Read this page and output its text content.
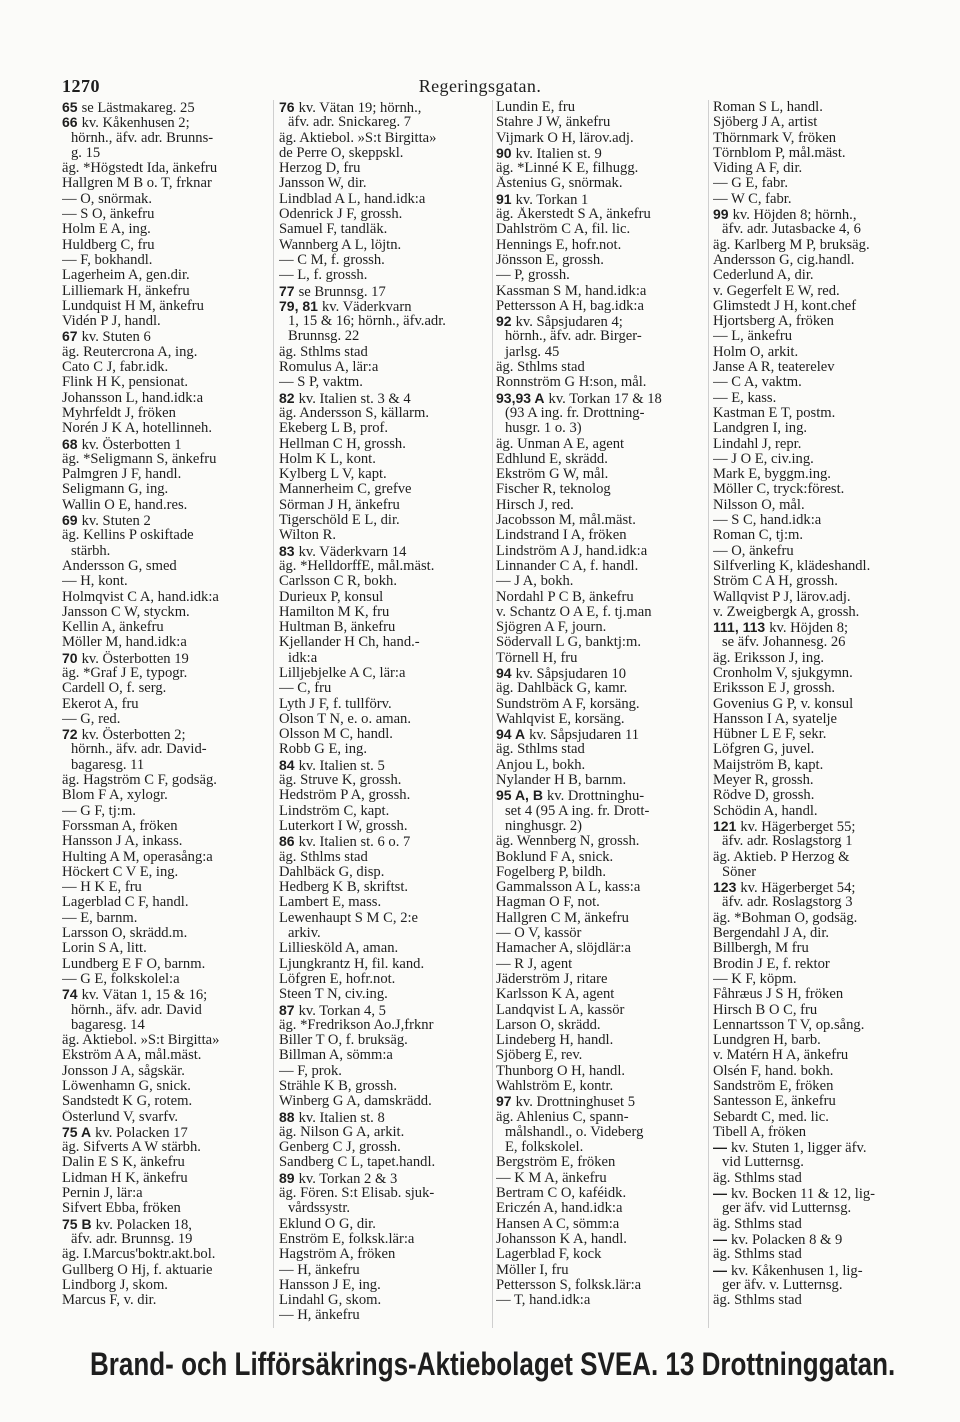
1270	Regeringsgatan.
65 se Lästmakareg. 25
66 kv. Kåkenhusen 2;
hörnh., äfv. adr. Brunns-
g. 15
äg. *Högstedt Ida, änkefru
Hallgren M B o. T, frknar
— O, snörmak.
— S O, änkefru
Holm E A, ing.
Huldberg C, fru
— F, bokhandl.
Lagerheim A, gen.dir.
Lilliemark H, änkefru
Lundquist H M, änkefru
Vidén P J, handl.
67 kv. Stuten 6
äg. Reutercrona A, ing.
Cato C J, fabr.idk.
Flink H K, pensionat.
Johansson L, hand.idk:a
Myhrfeldt J, fröken
Norén J K A, hotellinneh.
68 kv. Österbotten 1
äg. *Seligmann S, änkefru
Palmgren J F, handl.
Seligmann G, ing.
Wallin O E, hand.res.
69 kv. Stuten 2
äg. Kellins P oskiftade
stärbh.
Andersson G, smed
— H, kont.
Holmqvist C A, hand.idk:a
Jansson C W, styckm.
Kellin A, änkefru
Möller M, hand.idk:a
70 kv. Österbotten 19
äg. *Graf J E, typogr.
Cardell O, f. serg.
Ekerot A, fru
— G, red.
72 kv. Österbotten 2;
hörnh., äfv. adr. David-
bagaresg. 11
äg. Hagström C F, godsäg.
Blom F A, xylogr.
— G F, tj:m.
Forssman A, fröken
Hansson J A, inkass.
Hulting A M, operasång:a
Höckert C V E, ing.
— H K E, fru
Lagerblad C F, handl.
— E, barnm.
Larsson O, skrädd.m.
Lorin S A, litt.
Lundberg E F O, barnm.
— G E, folkskolel:a
74 kv. Vätan 1, 15 & 16;
hörnh., äfv. adr. David
bagaresg. 14
äg. Aktiebol. »S:t Birgitta»
Ekström A A, mål.mäst.
Jonsson J A, sågskär.
Löwenhamn G, snick.
Sandstedt K G, rotem.
Österlund V, svarfv.
75 A kv. Polacken 17
äg. Sifverts A W stärbh.
Dalin E S K, änkefru
Lidman H K, änkefru
Pernin J, lär:a
Sifvert Ebba, fröken
75 B kv. Polacken 18,
äfv. adr. Brunnsg. 19
äg. I.Marcus'boktr.akt.bol.
Gullberg O Hj, f. aktuarie
Lindborg J, skom.
Marcus F, v. dir.
76 kv. Vätan 19; hörnh.,
äfv. adr. Snickareg. 7
äg. Aktiebol. »S:t Birgitta»
de Perre O, skeppskl.
Herzog D, fru
Jansson W, dir.
Lindblad A L, hand.idk:a
Odenrick J F, grossh.
Samuel F, tandläk.
Wannberg A L, löjtn.
— C M, f. grossh.
— L, f. grossh.
77 se Brunnsg. 17
79, 81 kv. Väderkvarn
1, 15 & 16; hörnh., äfv.adr.
Brunnsg. 22
äg. Sthlms stad
Romulus A, lär:a
— S P, vaktm.
82 kv. Italien st. 3 & 4
äg. Andersson S, källarm.
Ekeberg L B, prof.
Hellman C H, grossh.
Holm K L, kont.
Kylberg L V, kapt.
Mannerheim C, grefve
Sörman J H, änkefru
Tigerschöld E L, dir.
Wilton R.
83 kv. Väderkvarn 14
äg. *HelldorffE, mål.mäst.
Carlsson C R, bokh.
Durieux P, konsul
Hamilton M K, fru
Hultman B, änkefru
Kjellander H Ch, hand.-
idk:a
Lilljebjelke A C, lär:a
— C, fru
Lyth J F, f. tullförv.
Olson T N, e. o. aman.
Olsson M C, handl.
Robb G E, ing.
84 kv. Italien st. 5
äg. Struve K, grossh.
Hedström P A, grossh.
Lindström C, kapt.
Luterkort I W, grossh.
86 kv. Italien st. 6 o. 7
äg. Sthlms stad
Dahlbäck G, disp.
Hedberg K B, skriftst.
Lambert E, mass.
Lewenhaupt S M C, 2:e
arkiv.
Lilliesköld A, aman.
Ljungkrantz H, fil. kand.
Löfgren E, hofr.not.
Steen T N, civ.ing.
87 kv. Torkan 4, 5
äg. *Fredrikson Ao.J,frknr
Biller T O, f. bruksäg.
Billman A, sömm:a
— F, prok.
Strähle K B, grossh.
Winberg G A, damskrädd.
88 kv. Italien st. 8
äg. Nilson G A, arkit.
Genberg C J, grossh.
Sandberg C L, tapet.handl.
89 kv. Torkan 2 & 3
äg. Fören. S:t Elisab. sjuk-
vårdssystr.
Eklund O G, dir.
Enström E, folksk.lär:a
Hagström A, fröken
— H, änkefru
Hansson J E, ing.
Lindahl G, skom.
— H, änkefru
Lundin E, fru
Stahre J W, änkefru
Vijmark O H, lärov.adj.
90 kv. Italien st. 9
äg. *Linné K E, filhugg.
Åstenius G, snörmak.
91 kv. Torkan 1
äg. Åkerstedt S A, änkefru
Dahlström C A, fil. lic.
Hennings E, hofr.not.
Jönsson E, grossh.
— P, grossh.
Kassman S M, hand.idk:a
Pettersson A H, bag.idk:a
92 kv. Såpsjudaren 4;
hörnh., äfv. adr. Birger-
jarlsg. 45
äg. Sthlms stad
Ronnström G H:son, mål.
93,93 A kv. Torkan 17 & 18
(93 A ing. fr. Drottning-
husgr. 1 o. 3)
äg. Unman A E, agent
Edhlund E, skrädd.
Ekström G W, mål.
Fischer R, teknolog
Hirsch J, red.
Jacobsson M, mål.mäst.
Lindstrand I A, fröken
Lindström A J, hand.idk:a
Linnander C A, f. handl.
— J A, bokh.
Nordahl P C B, änkefru
v. Schantz O A E, f. tj.man
Sjögren A F, journ.
Södervall L G, banktj:m.
Törnell H, fru
94 kv. Såpsjudaren 10
äg. Dahlbäck G, kamr.
Sundström A F, korsäng.
Wahlqvist E, korsäng.
94 A kv. Såpsjudaren 11
äg. Sthlms stad
Anjou L, bokh.
Nylander H B, barnm.
95 A, B kv. Drottninghu-
set 4 (95 A ing. fr. Drott-
ninghusgr. 2)
äg. Wennberg N, grossh.
Boklund F A, snick.
Fogelberg P, bildh.
Gammalsson A L, kass:a
Hagman O F, not.
Hallgren C M, änkefru
— O V, kassör
Hamacher A, slöjdlär:a
— R J, agent
Jäderström J, ritare
Karlsson K A, agent
Landqvist L A, kassör
Larson O, skrädd.
Lindeberg H, handl.
Sjöberg E, rev.
Thunborg O H, handl.
Wahlström E, kontr.
97 kv. Drottninghuset 5
äg. Ahlenius C, spann-
målshandl., o. Videberg
E, folkskolel.
Bergström E, fröken
— K M A, änkefru
Bertram C O, kaféidk.
Ericzén A, hand.idk:a
Hansen A C, sömm:a
Johansson K A, handl.
Lagerblad F, kock
Möller I, fru
Pettersson S, folksk.lär:a
— T, hand.idk:a
Roman S L, handl.
Sjöberg J A, artist
Thörnmark V, fröken
Törnblom P, mål.mäst.
Viding A F, dir.
— G E, fabr.
— W C, fabr.
99 kv. Höjden 8; hörnh.,
äfv. adr. Jutasbacke 4, 6
äg. Karlberg M P, bruksäg.
Andersson G, cig.handl.
Cederlund A, dir.
v. Gegerfelt E W, red.
Glimstedt J H, kont.chef
Hjortsberg A, fröken
— L, änkefru
Holm O, arkit.
Janse A R, teaterelev
— C A, vaktm.
— E, kass.
Kastman E T, postm.
Landgren I, ing.
Lindahl J, repr.
— J O E, civ.ing.
Mark E, byggm.ing.
Möller C, tryck:förest.
Nilsson O, mål.
— S C, hand.idk:a
Roman C, tj:m.
— O, änkefru
Silfverling K, klädeshandl.
Ström C A H, grossh.
Wallqvist P J, lärov.adj.
v. Zweigbergk A, grossh.
111, 113 kv. Höjden 8;
se äfv. Johannesg. 26
äg. Eriksson J, ing.
Cronholm V, sjukgymn.
Eriksson E J, grossh.
Govenius G P, v. konsul
Hansson I A, syatelje
Hübner L E F, sekr.
Löfgren G, juvel.
Maijström B, kapt.
Meyer R, grossh.
Rödve D, grossh.
Schödin A, handl.
121 kv. Hägerberget 55;
äfv. adr. Roslagstorg 1
äg. Aktieb. P Herzog &
Söner
123 kv. Hägerberget 54;
äfv. adr. Roslagstorg 3
äg. *Bohman O, godsäg.
Bergendahl J A, dir.
Billbergh, M fru
Brodin J E, f. rektor
— K F, köpm.
Fåhræus J S H, fröken
Hirsch B O C, fru
Lennartsson T V, op.sång.
Lundgren H, barb.
v. Matérn H A, änkefru
Olsén F, hand. bokh.
Sandström E, fröken
Santesson E, änkefru
Sebardt C, med. lic.
Tibell A, fröken
— kv. Stuten 1, ligger äfv.
vid Lutternsg.
äg. Sthlms stad
— kv. Bocken 11 & 12, lig-
ger äfv. vid Lutternsg.
äg. Sthlms stad
— kv. Polacken 8 & 9
äg. Sthlms stad
— kv. Kåkenhusen 1, lig-
ger äfv. v. Lutternsg.
äg. Sthlms stad
Brand- och Lifförsäkrings-Aktiebolaget SVEA. 13 Drottninggatan.
